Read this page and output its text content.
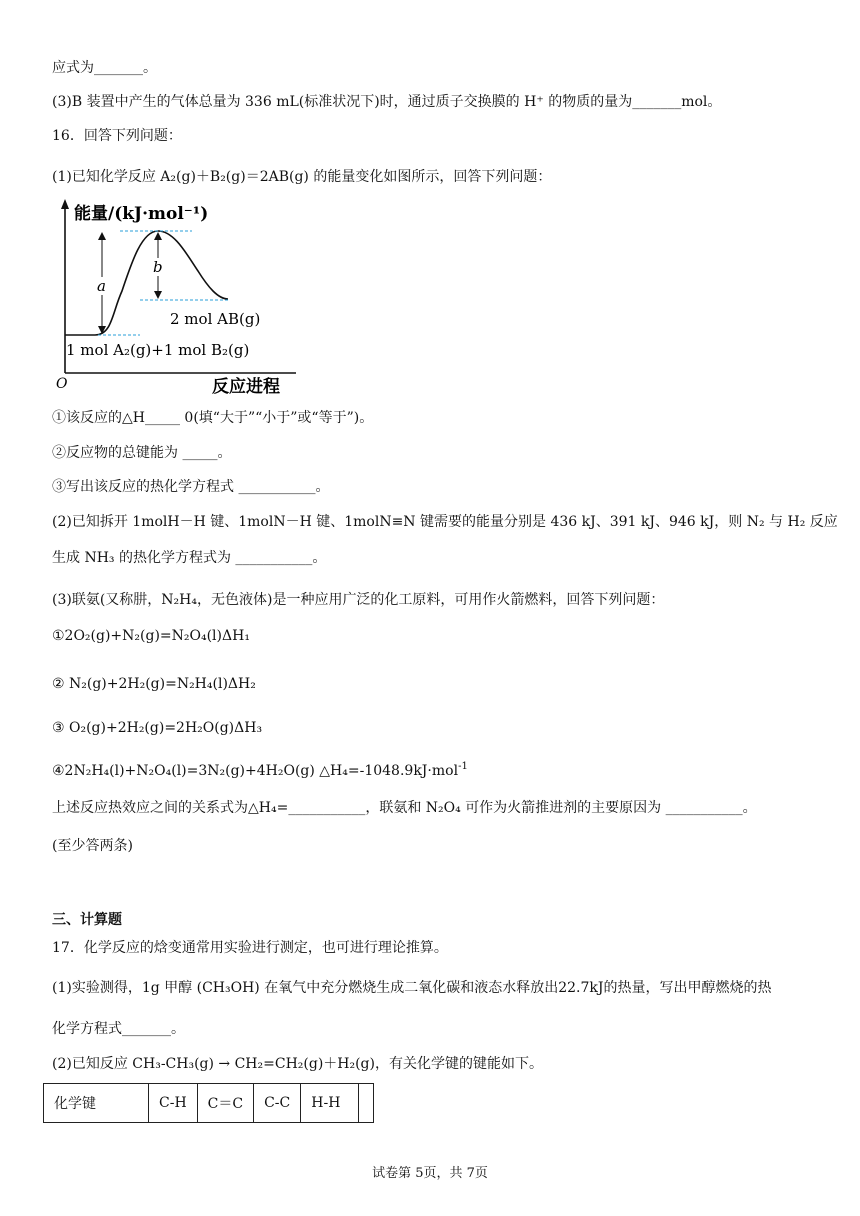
应式为_______。
(3)B 装置中产生的气体总量为 336 mL(标准状况下)时，通过质子交换膜的 H⁺ 的物质的量为_______mol。
16．回答下列问题：
(1)已知化学反应 A₂(g)＋B₂(g)＝2AB(g) 的能量变化如图所示，回答下列问题：
能量/(kJ·mol⁻¹)
反应进程
O
a
b
2 mol AB(g)
1 mol A₂(g)+1 mol B₂(g)
①该反应的△H_____ 0(填“大于”“小于”或“等于”)。
②反应物的总键能为 _____。
③写出该反应的热化学方程式 ___________。
(2)已知拆开 1molH－H 键、1molN－H 键、1molN≡N 键需要的能量分别是 436 kJ、391 kJ、946 kJ，则 N₂ 与 H₂ 反应
生成 NH₃ 的热化学方程式为 ___________。
(3)联氨(又称肼，N₂H₄，无色液体)是一种应用广泛的化工原料，可用作火箭燃料，回答下列问题：
①2O₂(g)+N₂(g)=N₂O₄(l)ΔH₁
② N₂(g)+2H₂(g)=N₂H₄(l)ΔH₂
③ O₂(g)+2H₂(g)=2H₂O(g)ΔH₃
④2N₂H₄(l)+N₂O₄(l)=3N₂(g)+4H₂O(g) △H₄=-1048.9kJ·mol$^{-1}$
上述反应热效应之间的关系式为△H₄=___________，联氨和 N₂O₄ 可作为火箭推进剂的主要原因为 ___________。
(至少答两条)
三、计算题
17．化学反应的焓变通常用实验进行测定，也可进行理论推算。
(1)实验测得，1g 甲醇 (CH₃OH) 在氧气中充分燃烧生成二氧化碳和液态水释放出22.7kJ的热量，写出甲醇燃烧的热
化学方程式_______。
(2)已知反应 CH₃-CH₃(g) → CH₂=CH₂(g)＋H₂(g)，有关化学键的键能如下。
化学键	C-H	C＝C	C-C	H-H	
试卷第 5页，共 7页
